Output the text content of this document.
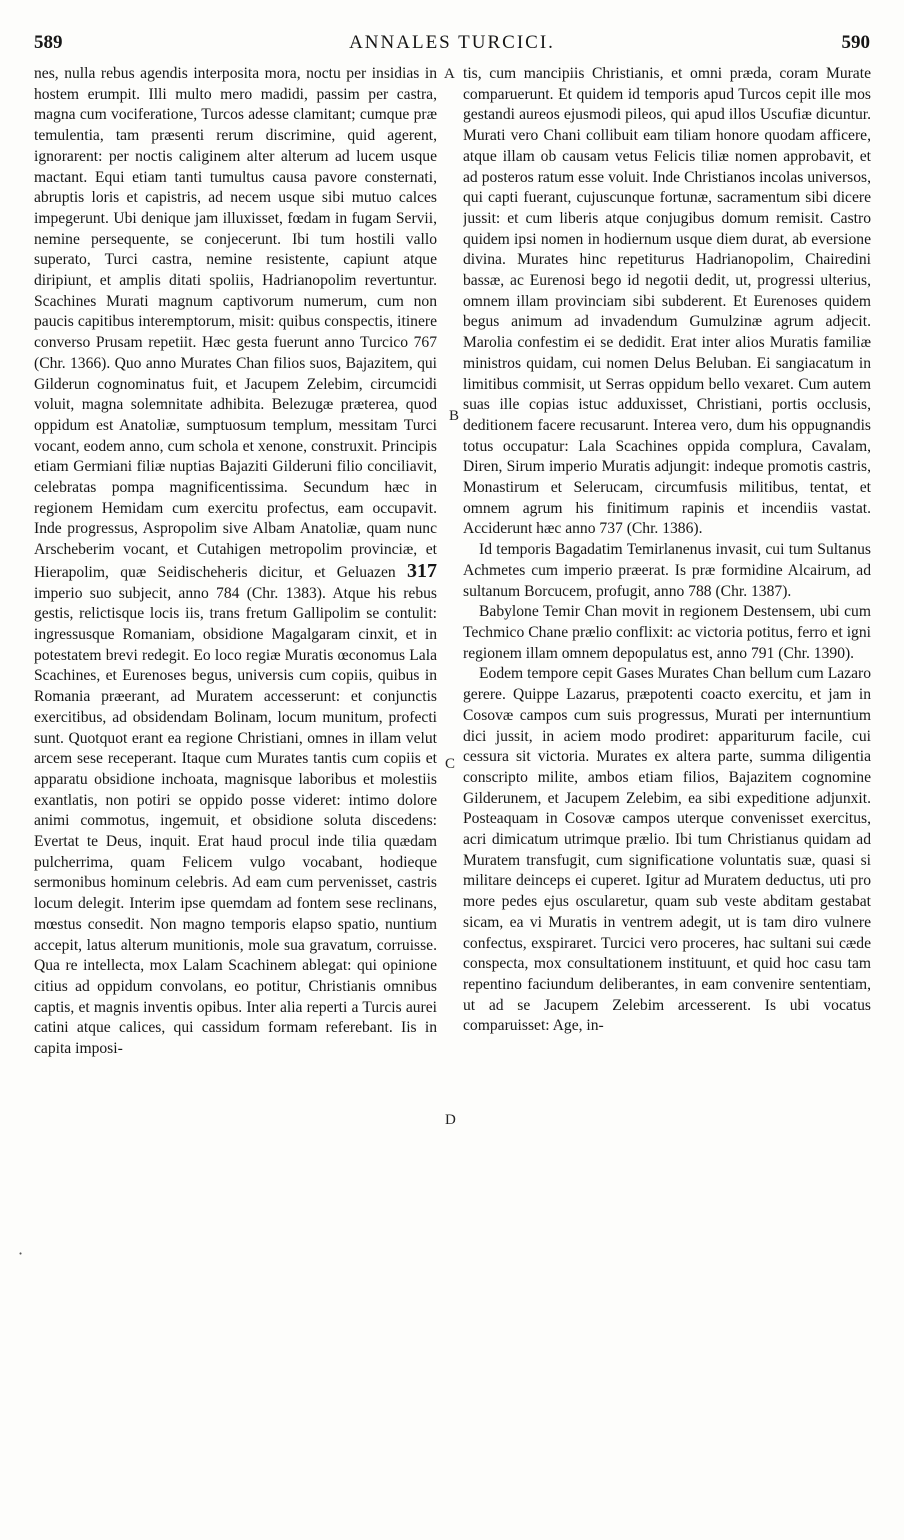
589	ANNALES TURCICI.	590
A
B
C
D
·

nes, nulla rebus agendis interposita mora, noctu per insidias in hostem erumpit. Illi multo mero madidi, passim per castra, magna cum vociferatione, Turcos adesse clamitant; cumque præ temulentia, tam præsenti rerum discrimine, quid agerent, ignorarent: per noctis caliginem alter alterum ad lucem usque mactant. Equi etiam tanti tumultus causa pavore consternati, abruptis loris et capistris, ad necem usque sibi mutuo calces impegerunt. Ubi denique jam illuxisset, fœdam in fugam Servii, nemine persequente, se conjecerunt. Ibi tum hostili vallo superato, Turci castra, nemine resistente, capiunt atque diripiunt, et amplis ditati spoliis, Hadrianopolim revertuntur. Scachines Murati magnum captivorum numerum, cum non paucis capitibus interemptorum, misit: quibus conspectis, itinere converso Prusam repetiit. Hæc gesta fuerunt anno Turcico 767 (Chr. 1366). Quo anno Murates Chan filios suos, Bajazitem, qui Gilderun cognominatus fuit, et Jacupem Zelebim, circumcidi voluit, magna solemnitate adhibita. Belezugæ præterea, quod oppidum est Anatoliæ, sumptuosum templum, messitam Turci vocant, eodem anno, cum schola et xenone, construxit. Principis etiam Germiani filiæ nuptias Bajaziti Gilderuni filio conciliavit, celebratas pompa magnificentissima. Secundum hæc in regionem Hemidam cum exercitu profectus, eam occupavit. Inde progressus, Aspropolim sive Albam Anatoliæ, quam nunc Arscheberim vocant, et Cutahigen metropolim provinciæ, et Hierapolim, quæ Seidischeheris dicitur, et Geluazen 317 imperio suo subjecit, anno 784 (Chr. 1383). Atque his rebus gestis, relictisque locis iis, trans fretum Gallipolim se contulit: ingressusque Romaniam, obsidione Magalgaram cinxit, et in potestatem brevi redegit. Eo loco regiæ Muratis œconomus Lala Scachines, et Eurenoses begus, universis cum copiis, quibus in Romania præerant, ad Muratem accesserunt: et conjunctis exercitibus, ad obsidendam Bolinam, locum munitum, profecti sunt. Quotquot erant ea regione Christiani, omnes in illam velut arcem sese receperant. Itaque cum Murates tantis cum copiis et apparatu obsidione inchoata, magnisque laboribus et molestiis exantlatis, non potiri se oppido posse videret: intimo dolore animi commotus, ingemuit, et obsidione soluta discedens: Evertat te Deus, inquit. Erat haud procul inde tilia quædam pulcherrima, quam Felicem vulgo vocabant, hodieque sermonibus hominum celebris. Ad eam cum pervenisset, castris locum delegit. Interim ipse quemdam ad fontem sese reclinans, mœstus consedit. Non magno temporis elapso spatio, nuntium accepit, latus alterum munitionis, mole sua gravatum, corruisse. Qua re intellecta, mox Lalam Scachinem ablegat: qui opinione citius ad oppidum convolans, eo potitur, Christianis omnibus captis, et magnis inventis opibus. Inter alia reperti a Turcis aurei catini atque calices, qui cassidum formam referebant. Iis in capita imposi-

tis, cum mancipiis Christianis, et omni præda, coram Murate comparuerunt. Et quidem id temporis apud Turcos cepit ille mos gestandi aureos ejusmodi pileos, qui apud illos Uscufiæ dicuntur. Murati vero Chani collibuit eam tiliam honore quodam afficere, atque illam ob causam vetus Felicis tiliæ nomen approbavit, et ad posteros ratum esse voluit. Inde Christianos incolas universos, qui capti fuerant, cujuscunque fortunæ, sacramentum sibi dicere jussit: et cum liberis atque conjugibus domum remisit. Castro quidem ipsi nomen in hodiernum usque diem durat, ab eversione divina. Murates hinc repetiturus Hadrianopolim, Chairedini bassæ, ac Eurenosi bego id negotii dedit, ut, progressi ulterius, omnem illam provinciam sibi subderent. Et Eurenoses quidem begus animum ad invadendum Gumulzinæ agrum adjecit. Marolia confestim ei se dedidit. Erat inter alios Muratis familiæ ministros quidam, cui nomen Delus Beluban. Ei sangiacatum in limitibus commisit, ut Serras oppidum bello vexaret. Cum autem suas ille copias istuc adduxisset, Christiani, portis occlusis, deditionem facere recusarunt. Interea vero, dum his oppugnandis totus occupatur: Lala Scachines oppida complura, Cavalam, Diren, Sirum imperio Muratis adjungit: indeque promotis castris, Monastirum et Selerucam, circumfusis militibus, tentat, et omnem agrum his finitimum rapinis et incendiis vastat. Acciderunt hæc anno 737 (Chr. 1386).

Id temporis Bagadatim Temirlanenus invasit, cui tum Sultanus Achmetes cum imperio præerat. Is præ formidine Alcairum, ad sultanum Borcucem, profugit, anno 788 (Chr. 1387).

Babylone Temir Chan movit in regionem Destensem, ubi cum Techmico Chane prælio conflixit: ac victoria potitus, ferro et igni regionem illam omnem depopulatus est, anno 791 (Chr. 1390).

Eodem tempore cepit Gases Murates Chan bellum cum Lazaro gerere. Quippe Lazarus, præpotenti coacto exercitu, et jam in Cosovæ campos cum suis progressus, Murati per internuntium dici jussit, in aciem modo prodiret: appariturum facile, cui cessura sit victoria. Murates ex altera parte, summa diligentia conscripto milite, ambos etiam filios, Bajazitem cognomine Gilderunem, et Jacupem Zelebim, ea sibi expeditione adjunxit. Posteaquam in Cosovæ campos uterque convenisset exercitus, acri dimicatum utrimque prælio. Ibi tum Christianus quidam ad Muratem transfugit, cum significatione voluntatis suæ, quasi si militare deinceps ei cuperet. Igitur ad Muratem deductus, uti pro more pedes ejus oscularetur, quam sub veste abditam gestabat sicam, ea vi Muratis in ventrem adegit, ut is tam diro vulnere confectus, exspiraret. Turcici vero proceres, hac sultani sui cæde conspecta, mox consultationem instituunt, et quid hoc casu tam repentino faciundum deliberantes, in eam convenire sententiam, ut ad se Jacupem Zelebim arcesserent. Is ubi vocatus comparuisset: Age, in-
